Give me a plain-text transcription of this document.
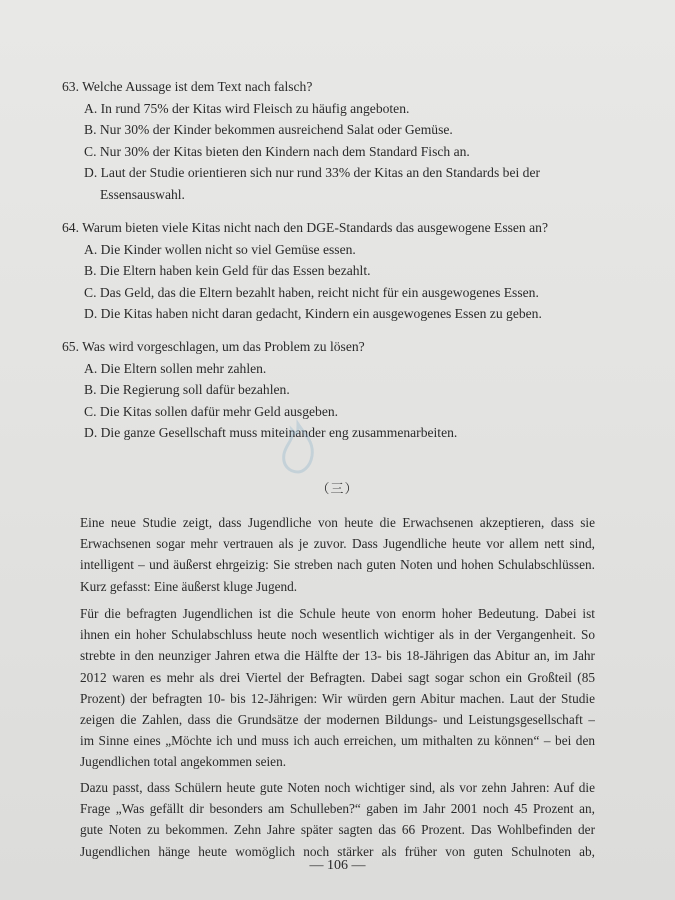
63. Welche Aussage ist dem Text nach falsch?
A. In rund 75% der Kitas wird Fleisch zu häufig angeboten.
B. Nur 30% der Kinder bekommen ausreichend Salat oder Gemüse.
C. Nur 30% der Kitas bieten den Kindern nach dem Standard Fisch an.
D. Laut der Studie orientieren sich nur rund 33% der Kitas an den Standards bei der
Essensauswahl.
64. Warum bieten viele Kitas nicht nach den DGE-Standards das ausgewogene Essen an?
A. Die Kinder wollen nicht so viel Gemüse essen.
B. Die Eltern haben kein Geld für das Essen bezahlt.
C. Das Geld, das die Eltern bezahlt haben, reicht nicht für ein ausgewogenes Essen.
D. Die Kitas haben nicht daran gedacht, Kindern ein ausgewogenes Essen zu geben.
65. Was wird vorgeschlagen, um das Problem zu lösen?
A. Die Eltern sollen mehr zahlen.
B. Die Regierung soll dafür bezahlen.
C. Die Kitas sollen dafür mehr Geld ausgeben.
D. Die ganze Gesellschaft muss miteinander eng zusammenarbeiten.
（三）
Eine neue Studie zeigt, dass Jugendliche von heute die Erwachsenen akzeptieren, dass sie
Erwachsenen sogar mehr vertrauen als je zuvor. Dass Jugendliche heute vor allem nett sind,
intelligent – und äußerst ehrgeizig: Sie streben nach guten Noten und hohen Schulabschlüssen.
Kurz gefasst: Eine äußerst kluge Jugend.
Für die befragten Jugendlichen ist die Schule heute von enorm hoher Bedeutung. Dabei ist
ihnen ein hoher Schulabschluss heute noch wesentlich wichtiger als in der Vergangenheit. So
strebte in den neunziger Jahren etwa die Hälfte der 13- bis 18-Jährigen das Abitur an, im Jahr
2012 waren es mehr als drei Viertel der Befragten. Dabei sagt sogar schon ein Großteil (85
Prozent) der befragten 10- bis 12-Jährigen: Wir würden gern Abitur machen. Laut der Studie
zeigen die Zahlen, dass die Grundsätze der modernen Bildungs- und Leistungsgesellschaft –
im Sinne eines „Möchte ich und muss ich auch erreichen, um mithalten zu können“ – bei den
Jugendlichen total angekommen seien.
Dazu passt, dass Schülern heute gute Noten noch wichtiger sind, als vor zehn Jahren: Auf die
Frage „Was gefällt dir besonders am Schulleben?“ gaben im Jahr 2001 noch 45 Prozent an,
gute Noten zu bekommen. Zehn Jahre später sagten das 66 Prozent. Das Wohlbefinden der
Jugendlichen hänge heute womöglich noch stärker als früher von guten Schulnoten ab,
— 106 —
